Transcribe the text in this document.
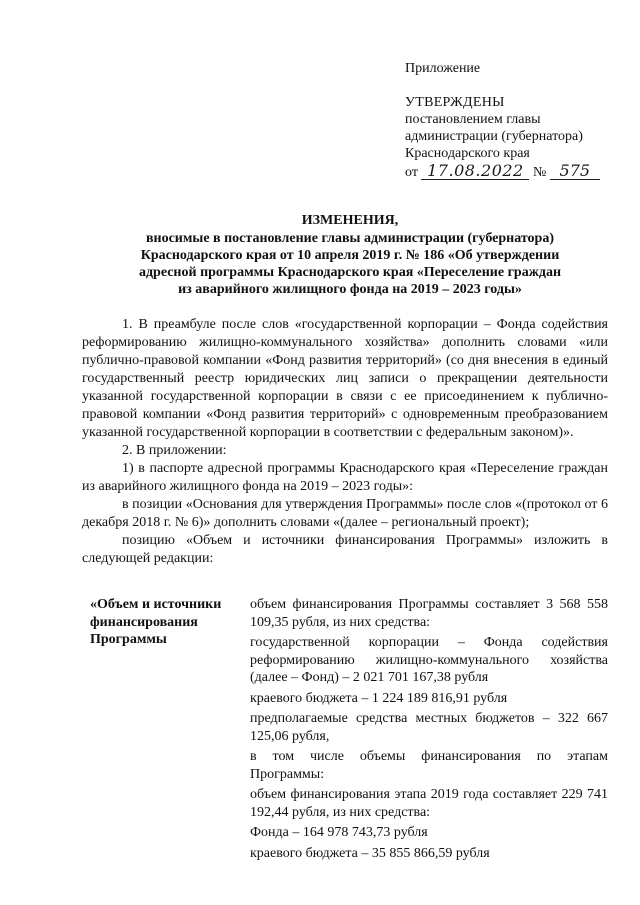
Приложение
УТВЕРЖДЕНЫ
постановлением главы
администрации (губернатора)
Краснодарского края
от 17.08.2022 № 575
ИЗМЕНЕНИЯ,
вносимые в постановление главы администрации (губернатора)
Краснодарского края от 10 апреля 2019 г. № 186 «Об утверждении
адресной программы Краснодарского края «Переселение граждан
из аварийного жилищного фонда на 2019 – 2023 годы»

1. В преамбуле после слов «государственной корпорации – Фонда содействия реформированию жилищно-коммунального хозяйства» дополнить словами «или публично-правовой компании «Фонд развития территорий» (со дня внесения в единый государственный реестр юридических лиц записи о прекращении деятельности указанной государственной корпорации в связи с ее присоединением к публично-правовой компании «Фонд развития территорий» с одновременным преобразованием указанной государственной корпорации в соответствии с федеральным законом)».

2. В приложении:

1) в паспорте адресной программы Краснодарского края «Переселение граждан из аварийного жилищного фонда на 2019 – 2023 годы»:

в позиции «Основания для утверждения Программы» после слов «(протокол от 6 декабря 2018 г. № 6)» дополнить словами «(далее – региональный проект);

позицию «Объем и источники финансирования Программы» изложить в следующей редакции:

«Объем и источники финансирования Программы

объем финансирования Программы составляет 3 568 558 109,35 рубля, из них средства:

государственной корпорации – Фонда содействия реформированию жилищно-коммунального хозяйства (далее – Фонд) – 2 021 701 167,38 рубля

краевого бюджета – 1 224 189 816,91 рубля

предполагаемые средства местных бюджетов – 322 667 125,06 рубля,

в том числе объемы финансирования по этапам Программы:

объем финансирования этапа 2019 года составляет 229 741 192,44 рубля, из них средства:

Фонда – 164 978 743,73 рубля

краевого бюджета – 35 855 866,59 рубля
